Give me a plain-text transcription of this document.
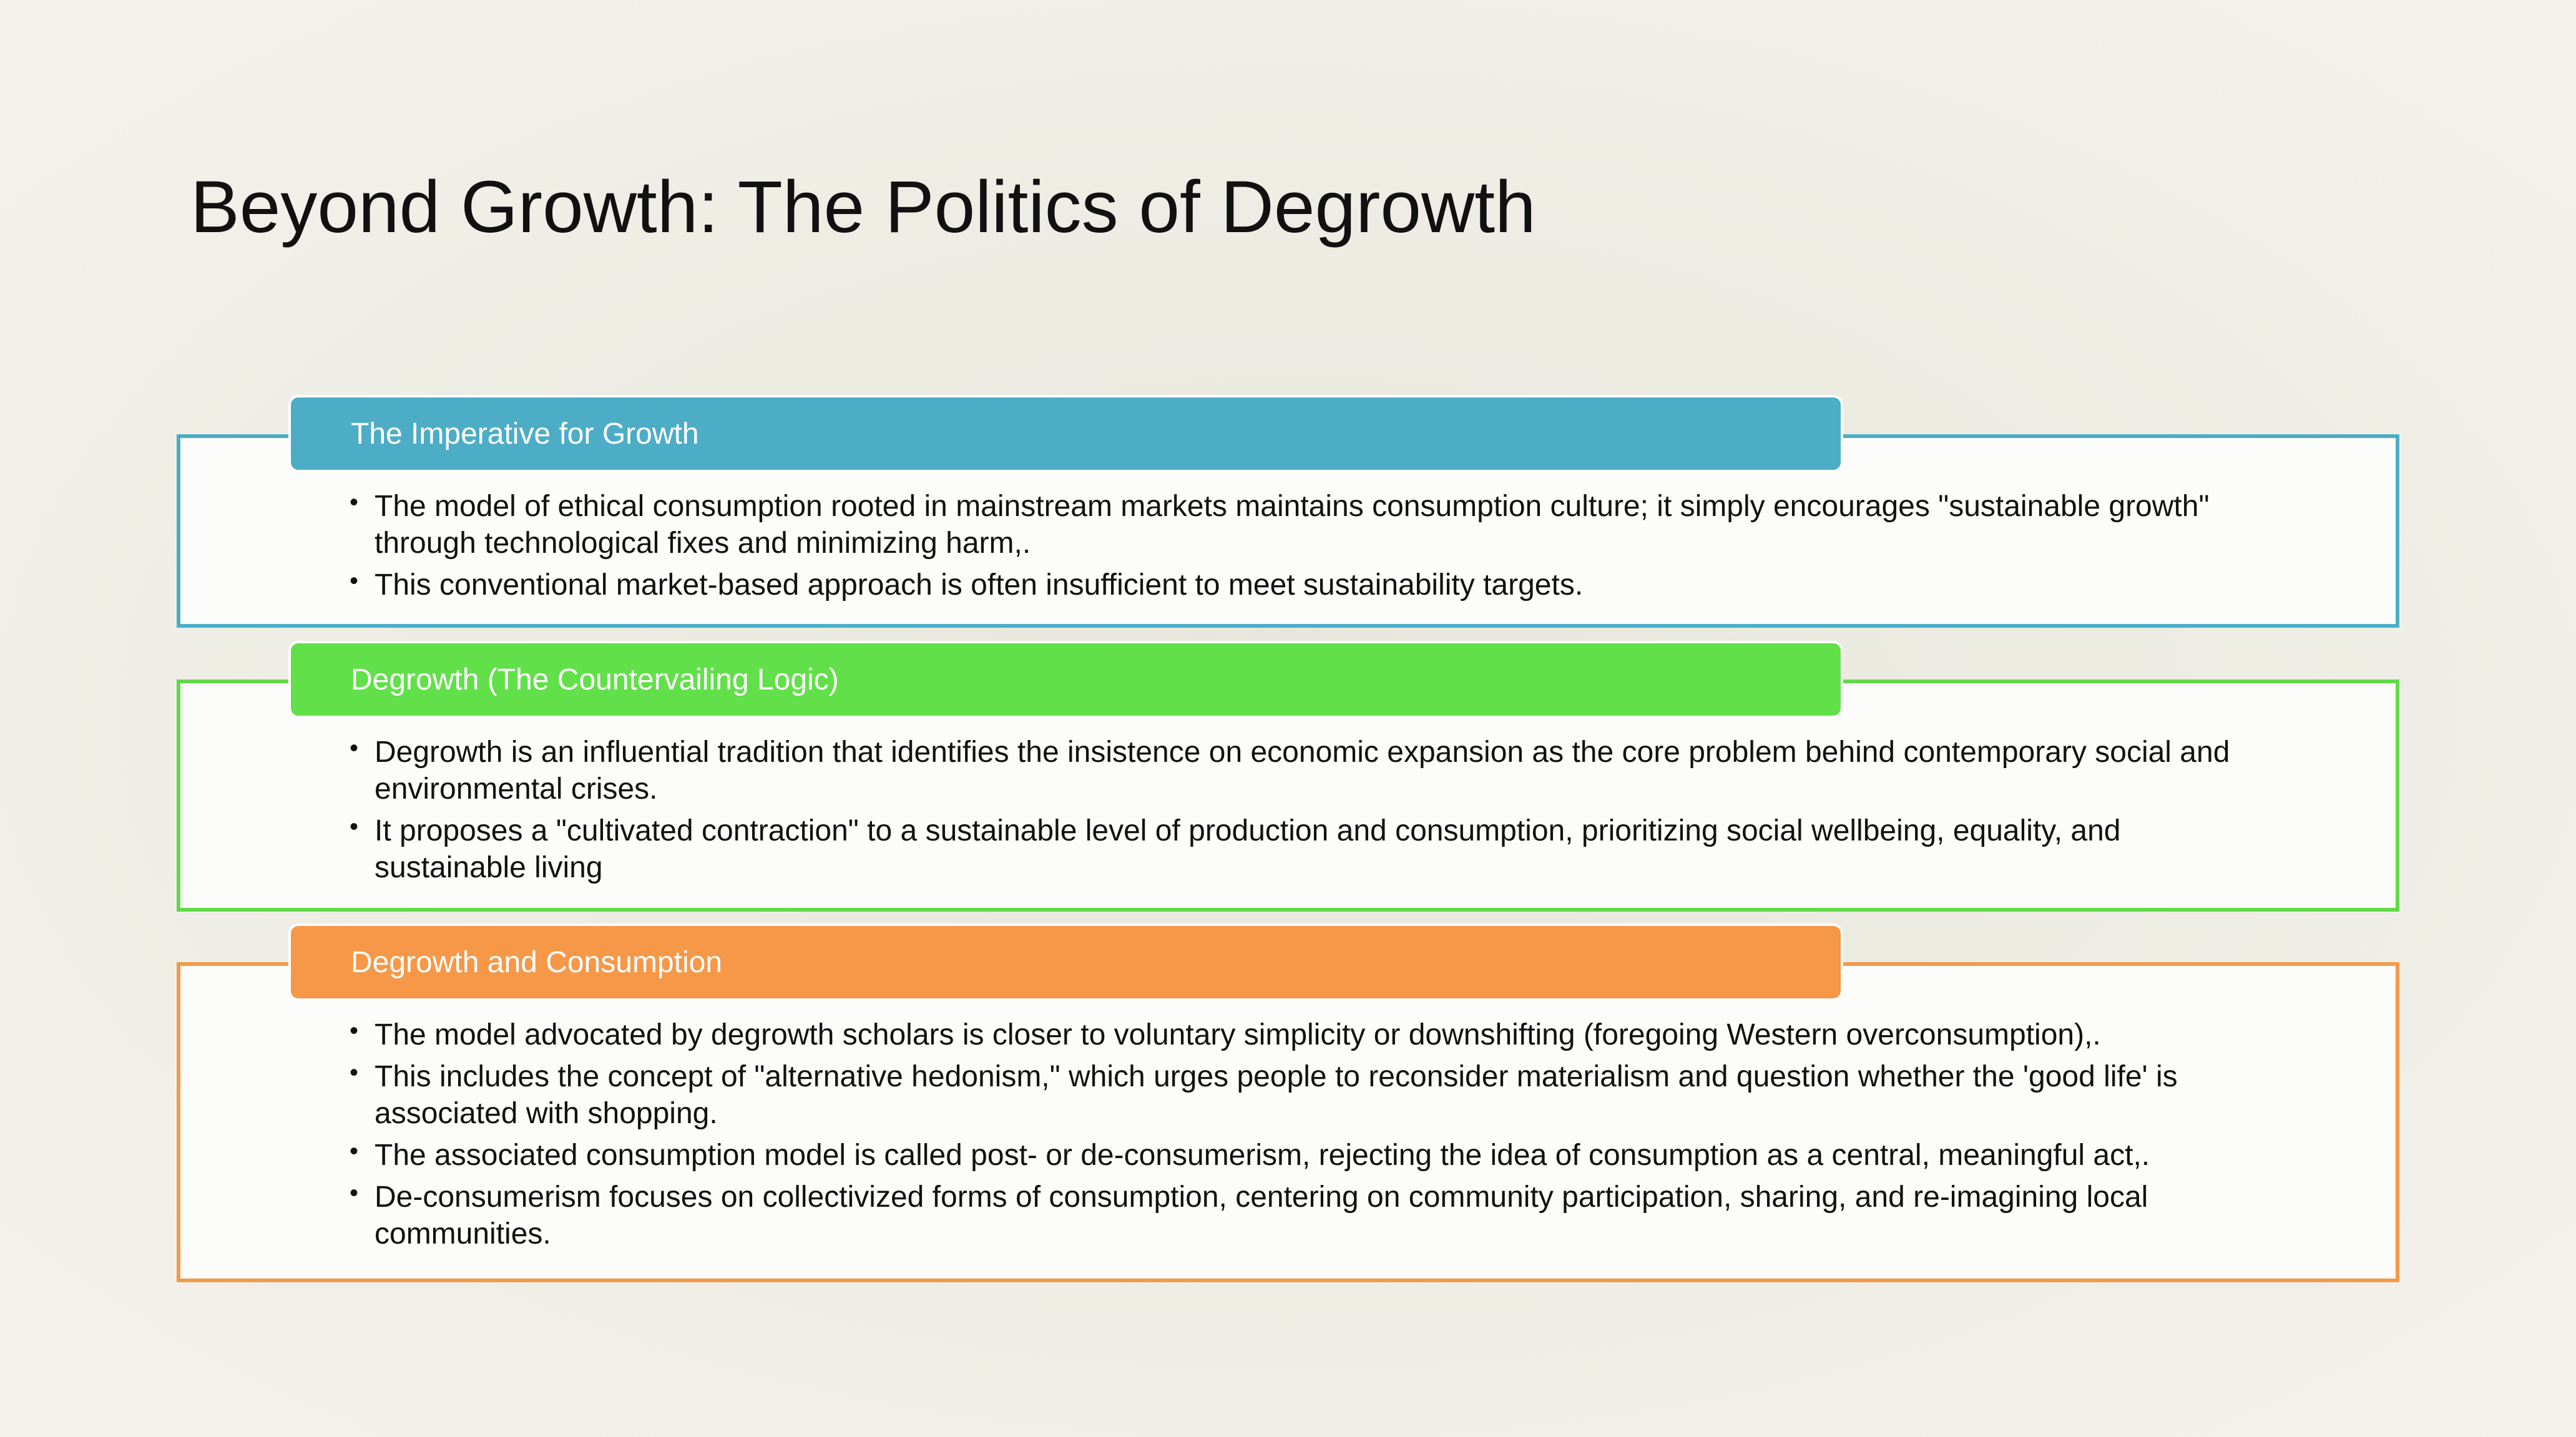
Beyond Growth: The Politics of Degrowth
The Imperative for Growth
• The model of ethical consumption rooted in mainstream markets maintains consumption culture; it simply encourages "sustainable growth" through technological fixes and minimizing harm,.
• This conventional market-based approach is often insufficient to meet sustainability targets.
Degrowth (The Countervailing Logic)
• Degrowth is an influential tradition that identifies the insistence on economic expansion as the core problem behind contemporary social and environmental crises.
• It proposes a "cultivated contraction" to a sustainable level of production and consumption, prioritizing social wellbeing, equality, and sustainable living
Degrowth and Consumption
• The model advocated by degrowth scholars is closer to voluntary simplicity or downshifting (foregoing Western overconsumption),.
• This includes the concept of "alternative hedonism," which urges people to reconsider materialism and question whether the 'good life' is associated with shopping.
• The associated consumption model is called post- or de-consumerism, rejecting the idea of consumption as a central, meaningful act,.
• De-consumerism focuses on collectivized forms of consumption, centering on community participation, sharing, and re-imagining local communities.
